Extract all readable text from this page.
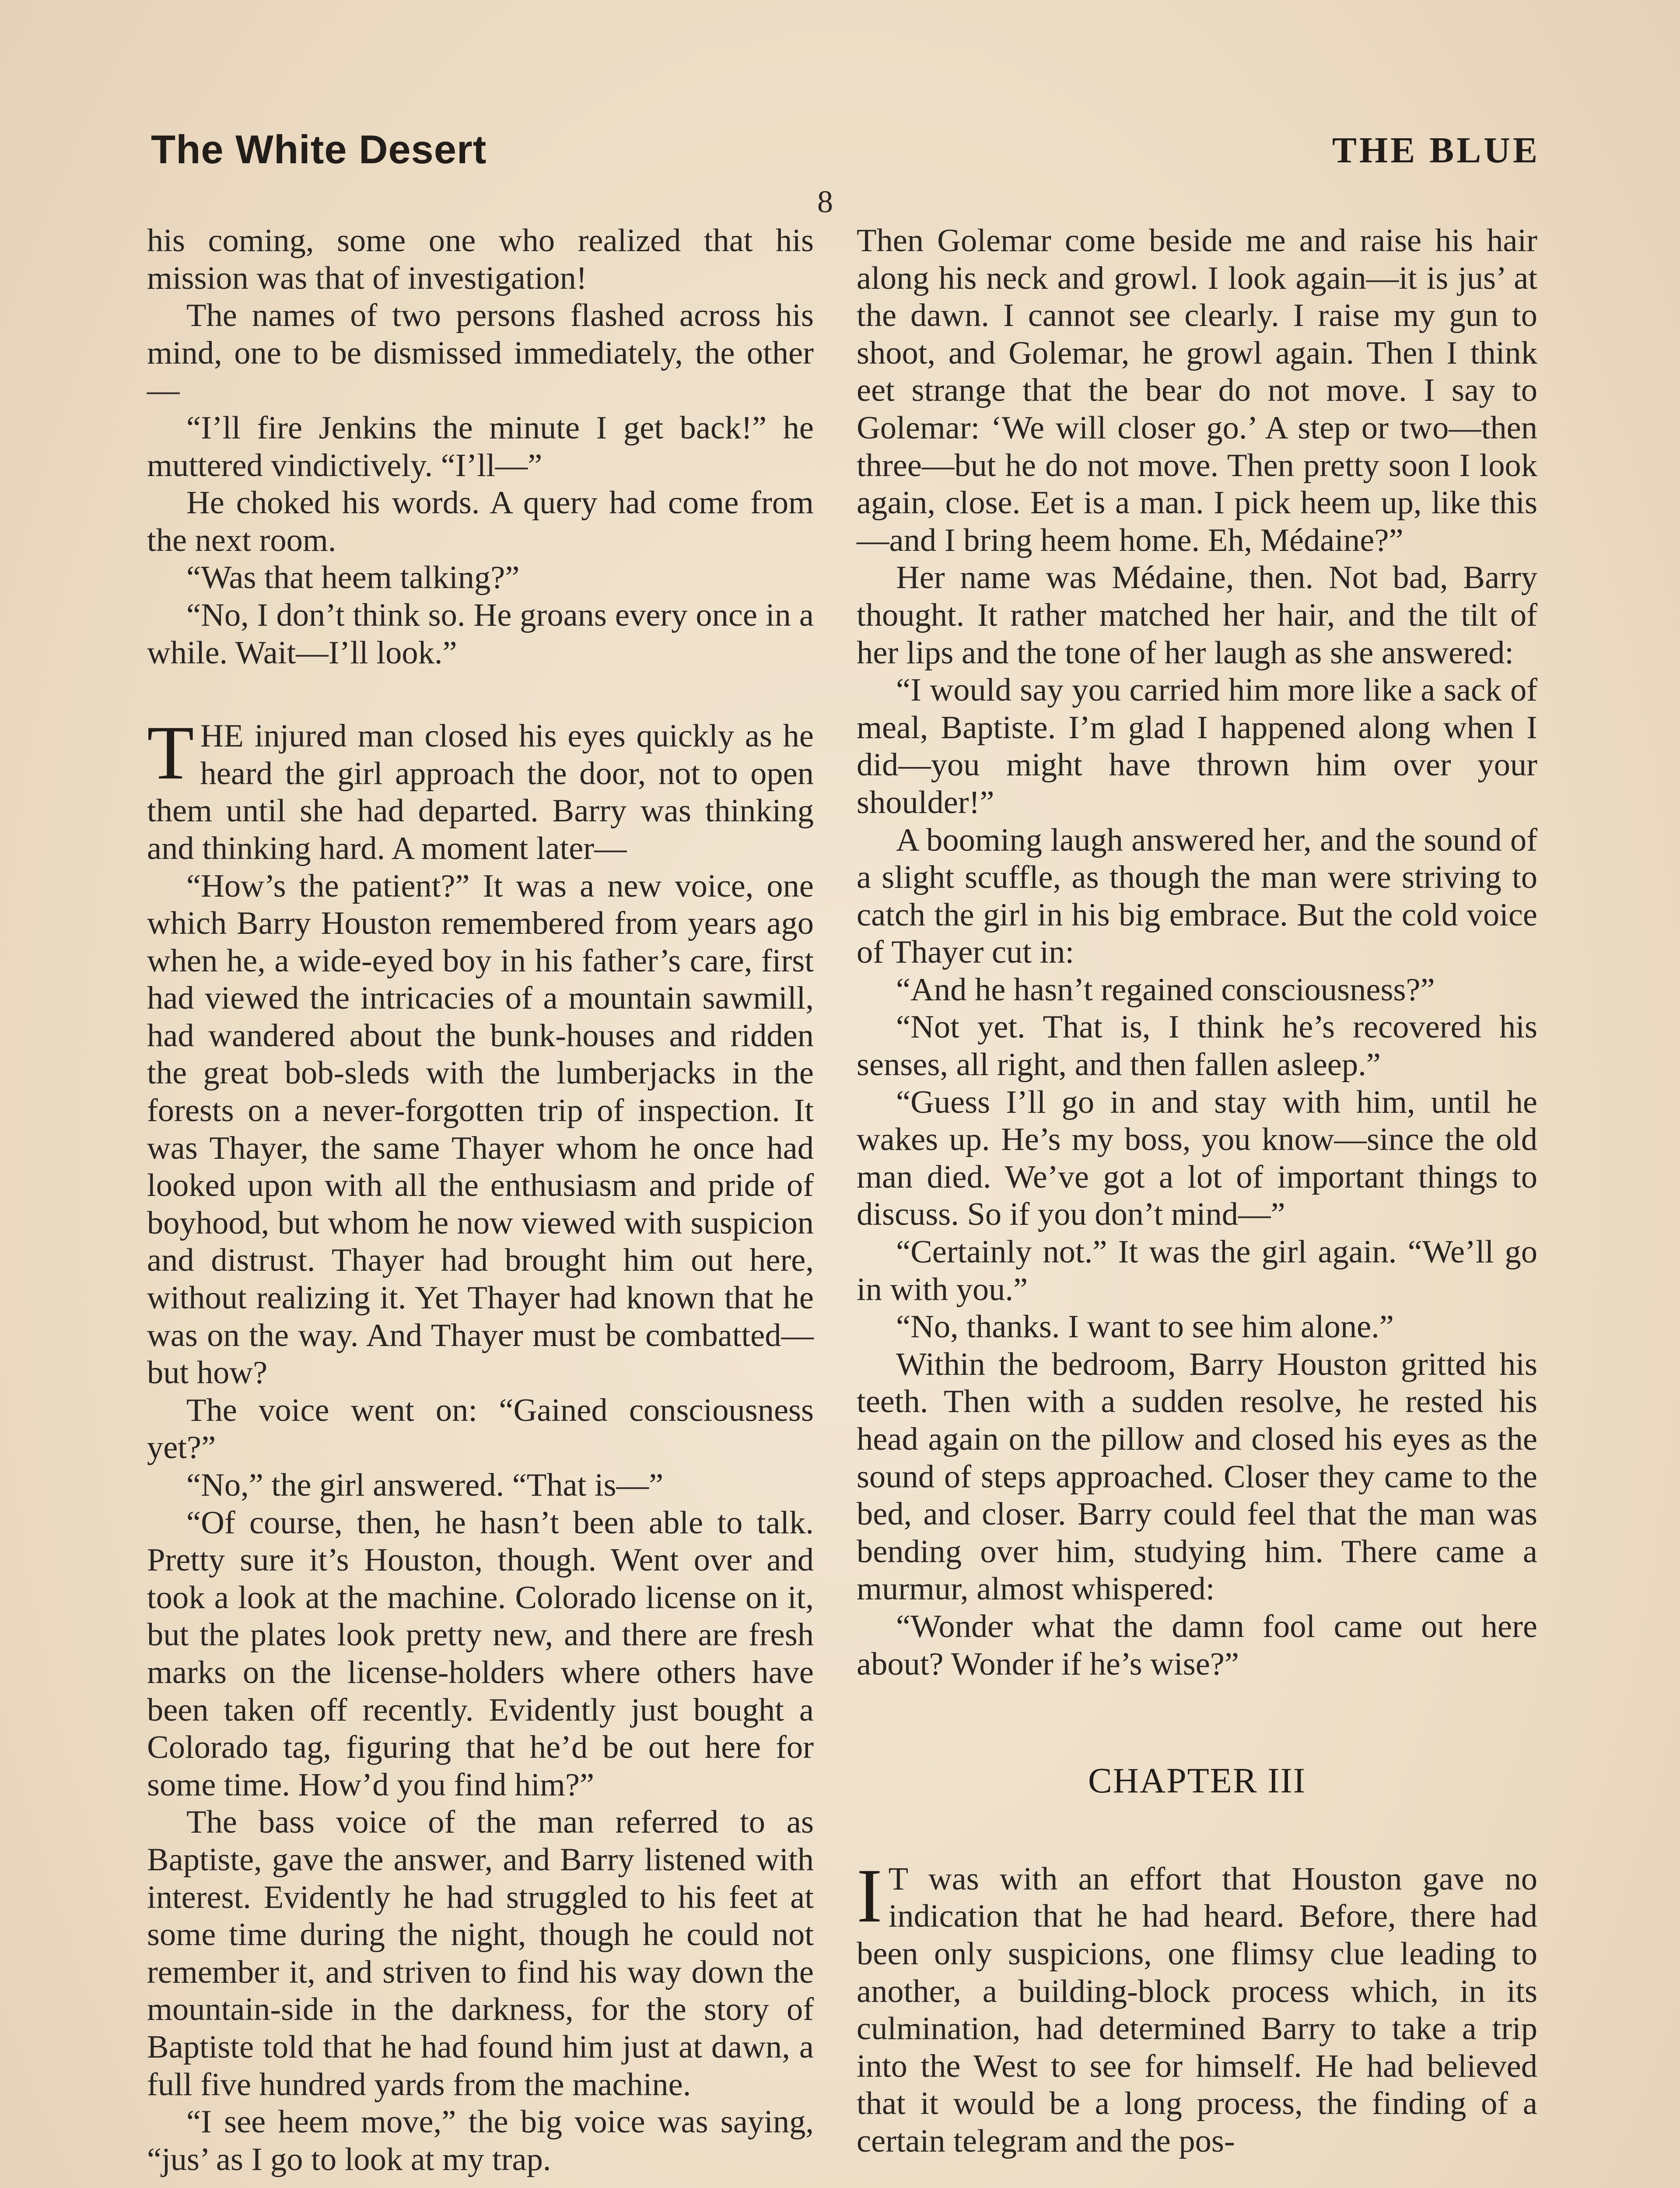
The White Desert	THE BLUE
8

his coming, some one who realized that his mission was that of investigation!

The names of two persons flashed across his mind, one to be dismissed immediately, the other—

“I’ll fire Jenkins the minute I get back!” he muttered vindictively. “I’ll—”

He choked his words. A query had come from the next room.

“Was that heem talking?”

“No, I don’t think so. He groans every once in a while. Wait—I’ll look.”

THE injured man closed his eyes quickly as he heard the girl approach the door, not to open them until she had departed. Barry was thinking and thinking hard. A moment later—

“How’s the patient?” It was a new voice, one which Barry Houston remembered from years ago when he, a wide-eyed boy in his father’s care, first had viewed the intricacies of a mountain sawmill, had wandered about the bunk-houses and ridden the great bob-sleds with the lumberjacks in the forests on a never-forgotten trip of inspection. It was Thayer, the same Thayer whom he once had looked upon with all the enthusiasm and pride of boyhood, but whom he now viewed with suspicion and distrust. Thayer had brought him out here, without realizing it. Yet Thayer had known that he was on the way. And Thayer must be combatted—but how?

The voice went on: “Gained consciousness yet?”

“No,” the girl answered. “That is—”

“Of course, then, he hasn’t been able to talk. Pretty sure it’s Houston, though. Went over and took a look at the machine. Colorado license on it, but the plates look pretty new, and there are fresh marks on the license-holders where others have been taken off recently. Evidently just bought a Colorado tag, figuring that he’d be out here for some time. How’d you find him?”

The bass voice of the man referred to as Baptiste, gave the answer, and Barry listened with interest. Evidently he had struggled to his feet at some time during the night, though he could not remember it, and striven to find his way down the mountain-side in the darkness, for the story of Baptiste told that he had found him just at dawn, a full five hundred yards from the machine.

“I see heem move,” the big voice was saying, “jus’ as I go to look at my trap.

Then Golemar come beside me and raise his hair along his neck and growl. I look again—it is jus’ at the dawn. I cannot see clearly. I raise my gun to shoot, and Golemar, he growl again. Then I think eet strange that the bear do not move. I say to Golemar: ‘We will closer go.’ A step or two—then three—but he do not move. Then pretty soon I look again, close. Eet is a man. I pick heem up, like this—and I bring heem home. Eh, Médaine?”

Her name was Médaine, then. Not bad, Barry thought. It rather matched her hair, and the tilt of her lips and the tone of her laugh as she answered:

“I would say you carried him more like a sack of meal, Baptiste. I’m glad I happened along when I did—you might have thrown him over your shoulder!”

A booming laugh answered her, and the sound of a slight scuffle, as though the man were striving to catch the girl in his big embrace. But the cold voice of Thayer cut in:

“And he hasn’t regained consciousness?”

“Not yet. That is, I think he’s recovered his senses, all right, and then fallen asleep.”

“Guess I’ll go in and stay with him, until he wakes up. He’s my boss, you know—since the old man died. We’ve got a lot of important things to discuss. So if you don’t mind—”

“Certainly not.” It was the girl again. “We’ll go in with you.”

“No, thanks. I want to see him alone.”

Within the bedroom, Barry Houston gritted his teeth. Then with a sudden resolve, he rested his head again on the pillow and closed his eyes as the sound of steps approached. Closer they came to the bed, and closer. Barry could feel that the man was bending over him, studying him. There came a murmur, almost whispered:

“Wonder what the damn fool came out here about? Wonder if he’s wise?”

CHAPTER III

I T was with an effort that Houston gave no indication that he had heard. Before, there had been only suspicions, one flimsy clue leading to another, a building-block process which, in its culmination, had determined Barry to take a trip into the West to see for himself. He had believed that it would be a long process, the finding of a certain telegram and the pos-
